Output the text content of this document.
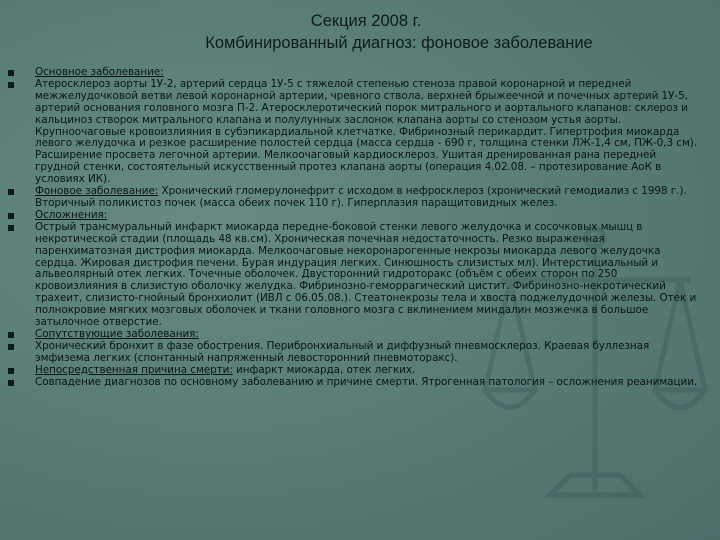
Секция 2008 г.
Комбинированный диагноз: фоновое заболевание
Основное заболевание:
Атеросклероз аорты 1У-2, артерий сердца 1У-5 с тяжелой степенью стеноза правой коронарной и передней межжелудочковой ветви левой коронарной артерии, чревного ствола, верхней брыжеечной и почечных артерий 1У-5, артерий основания головного мозга П-2. Атеросклеротический порок митрального и аортального клапанов: склероз и кальциноз створок митрального клапана и полулунных заслонок клапана аорты со стенозом устья аорты. Крупноочаговые кровоизлияния в субэпикардиальной клетчатке. Фибринозный перикардит. Гипертрофия миокарда левого желудочка и резкое расширение полостей сердца (масса сердца - 690 г, толщина стенки ЛЖ-1,4 см, ПЖ-0,3 см). Расширение просвета легочной артерии. Мелкоочаговый кардиосклероз. Ушитая дренированная рана передней грудной стенки, состоятельный искусственный протез клапана аорты (операция 4.02.08. – протезирование АоК в условиях ИК).
Фоновое заболевание: Хронический гломерулонефрит с исходом в нефросклероз (хронический гемодиализ с 1998 г.). Вторичный поликистоз почек (масса обеих почек 110 г). Гиперплазия паращитовидных желез.
Осложнения:
Острый трансмуральный инфаркт миокарда передне-боковой стенки левого желудочка и сосочковых мышц в некротической стадии (площадь 48 кв.см). Хроническая почечная недостаточность. Резко выраженная паренхиматозная дистрофия миокарда. Мелкоочаговые некоронарогенные некрозы миокарда левого желудочка сердца. Жировая дистрофия печени. Бурая индурация легких. Синюшность слизистых мл). Интерстициальный и альвеолярный отек легких. Точечные оболочек. Двусторонний гидроторакс (объём с обеих сторон по 250 кровоизлияния в слизистую оболочку желудка. Фибринозно-геморрагический цистит. Фибринозно-некротический трахеит, слизисто-гнойный бронхиолит (ИВЛ с 06.05.08.). Стеатонекрозы тела и хвоста поджелудочной железы. Отек и полнокровие мягких мозговых оболочек и ткани головного мозга с вклинением миндалин мозжечка в большое затылочное отверстие.
Сопутствующие заболевания:
Хронический бронхит в фазе обострения. Перибронхиальный и диффузный пневмосклероз. Краевая буллезная эмфизема легких (спонтанный напряженный левосторонний пневмоторакс).
Непосредственная причина смерти: инфаркт миокарда, отек легких.
Совпадение диагнозов по основному заболеванию и причине смерти. Ятрогенная патология – осложнения реанимации.
